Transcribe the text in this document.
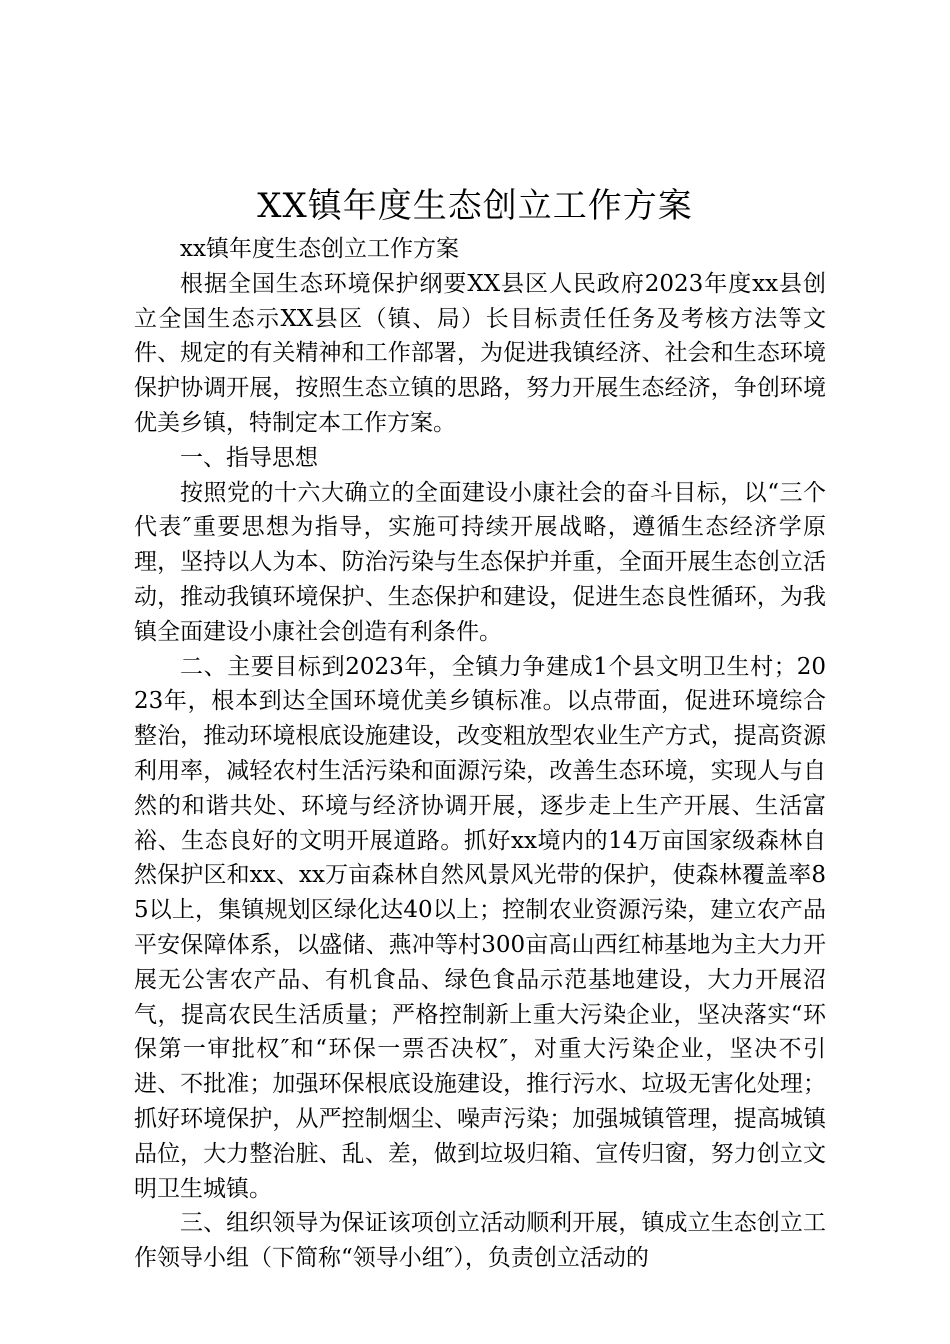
XX镇年度生态创立工作方案

xx镇年度生态创立工作方案

根据全国生态环境保护纲要XX县区人民政府2023年度xx县创立全国生态示XX县区（镇、局）长目标责任任务及考核方法等文件、规定的有关精神和工作部署，为促进我镇经济、社会和生态环境保护协调开展，按照生态立镇的思路，努力开展生态经济，争创环境优美乡镇，特制定本工作方案。

一、指导思想

按照党的十六大确立的全面建设小康社会的奋斗目标，以“三个代表″重要思想为指导，实施可持续开展战略，遵循生态经济学原理，坚持以人为本、防治污染与生态保护并重，全面开展生态创立活动，推动我镇环境保护、生态保护和建设，促进生态良性循环，为我镇全面建设小康社会创造有利条件。

二、主要目标到2023年，全镇力争建成1个县文明卫生村；2023年，根本到达全国环境优美乡镇标准。以点带面，促进环境综合整治，推动环境根底设施建设，改变粗放型农业生产方式，提高资源利用率，减轻农村生活污染和面源污染，改善生态环境，实现人与自然的和谐共处、环境与经济协调开展，逐步走上生产开展、生活富裕、生态良好的文明开展道路。抓好xx境内的14万亩国家级森林自然保护区和xx、xx万亩森林自然风景风光带的保护，使森林覆盖率85以上，集镇规划区绿化达40以上；控制农业资源污染，建立农产品平安保障体系，以盛储、燕冲等村300亩高山西红柿基地为主大力开展无公害农产品、有机食品、绿色食品示范基地建设，大力开展沼气，提高农民生活质量；严格控制新上重大污染企业，坚决落实“环保第一审批权″和“环保一票否决权″，对重大污染企业，坚决不引进、不批准；加强环保根底设施建设，推行污水、垃圾无害化处理；抓好环境保护，从严控制烟尘、噪声污染；加强城镇管理，提高城镇品位，大力整治脏、乱、差，做到垃圾归箱、宣传归窗，努力创立文明卫生城镇。

三、组织领导为保证该项创立活动顺利开展，镇成立生态创立工作领导小组（下简称“领导小组″），负责创立活动的
